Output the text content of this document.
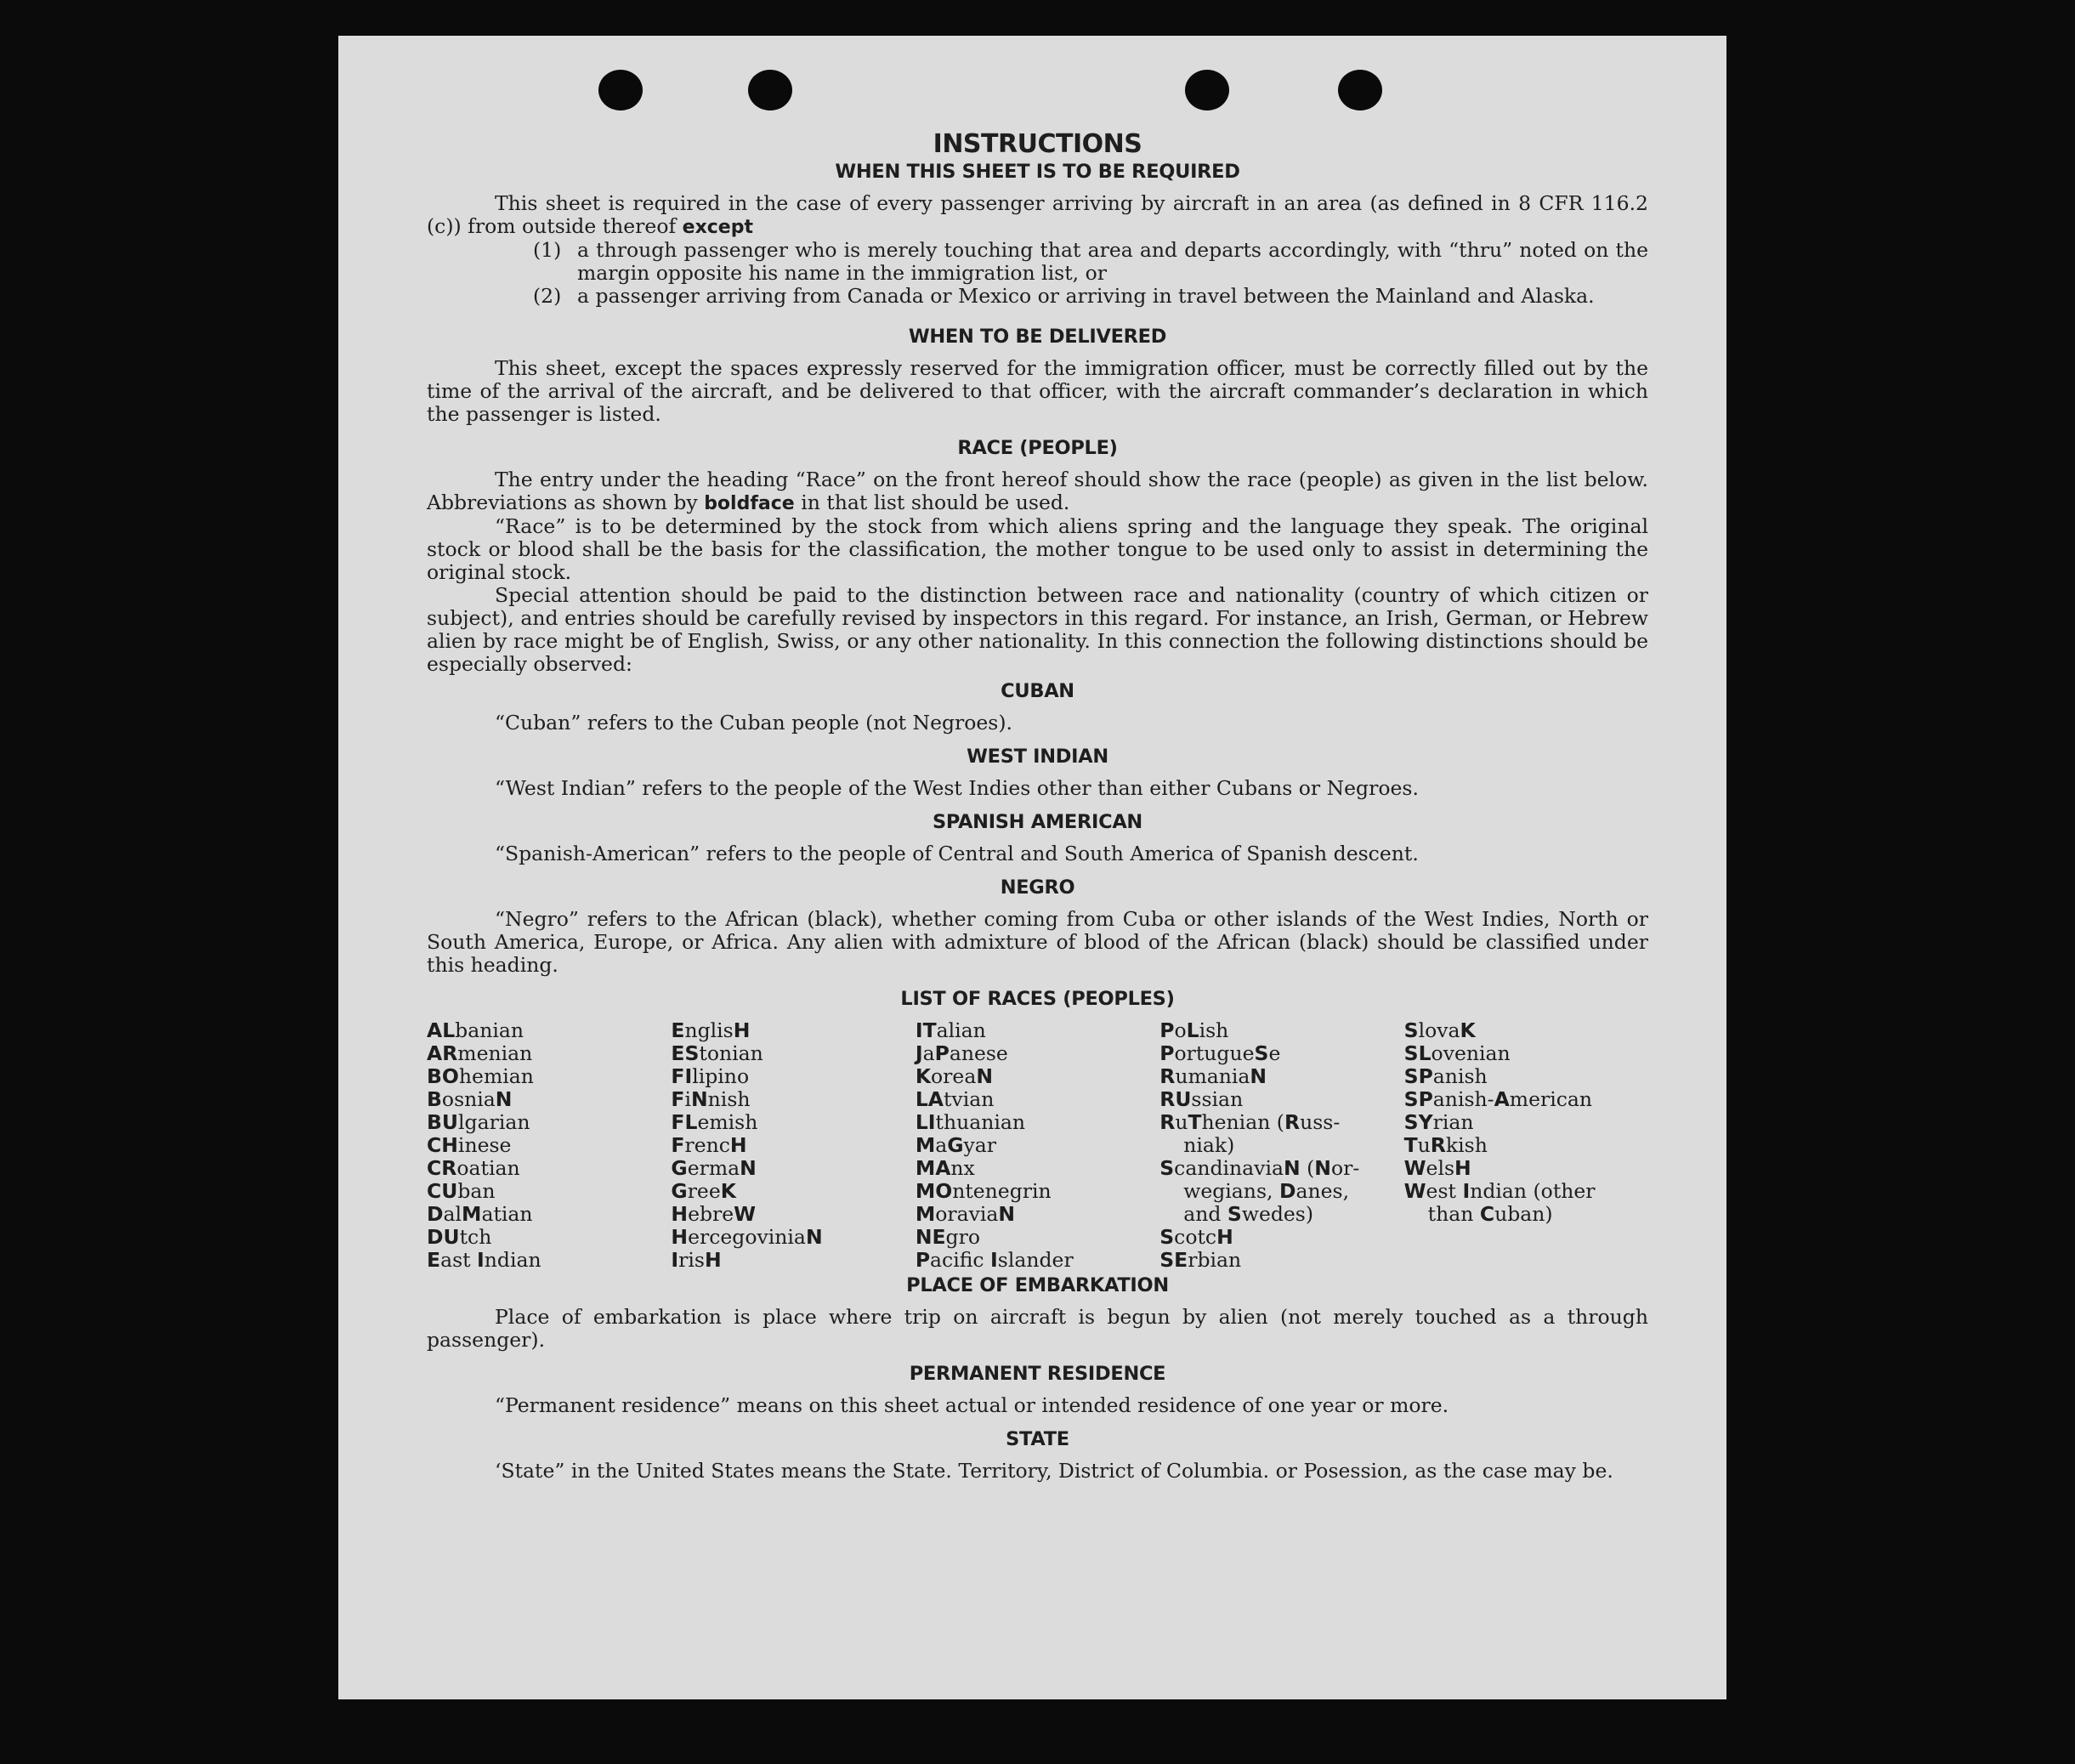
INSTRUCTIONS
WHEN THIS SHEET IS TO BE REQUIRED

This sheet is required in the case of every passenger arriving by aircraft in an area (as defined in 8 CFR 116.2 (c)) from outside thereof except

(1) a through passenger who is merely touching that area and departs accordingly, with “thru” noted on the margin opposite his name in the immigration list, or
(2) a passenger arriving from Canada or Mexico or arriving in travel between the Mainland and Alaska.
WHEN TO BE DELIVERED

This sheet, except the spaces expressly reserved for the immigration officer, must be correctly filled out by the time of the arrival of the aircraft, and be delivered to that officer, with the aircraft commander’s declaration in which the passenger is listed.

RACE (PEOPLE)

The entry under the heading “Race” on the front hereof should show the race (people) as given in the list below. Abbreviations as shown by boldface in that list should be used.

“Race” is to be determined by the stock from which aliens spring and the language they speak. The original stock or blood shall be the basis for the classification, the mother tongue to be used only to assist in determining the original stock.

Special attention should be paid to the distinction between race and nationality (country of which citizen or subject), and entries should be carefully revised by inspectors in this regard. For instance, an Irish, German, or Hebrew alien by race might be of English, Swiss, or any other nationality. In this connection the following distinctions should be especially observed:

CUBAN

“Cuban” refers to the Cuban people (not Negroes).

WEST INDIAN

“West Indian” refers to the people of the West Indies other than either Cubans or Negroes.

SPANISH AMERICAN

“Spanish-American” refers to the people of Central and South America of Spanish descent.

NEGRO

“Negro” refers to the African (black), whether coming from Cuba or other islands of the West Indies, North or South America, Europe, or Africa. Any alien with admixture of blood of the African (black) should be classified under this heading.

LIST OF RACES (PEOPLES)
ALbanian
ARmenian
BOhemian
BosniaN
BUlgarian
CHinese
CRoatian
CUban
DalMatian
DUtch
East Indian
EnglisH
EStonian
FIlipino
FiNnish
FLemish
FrencH
GermaN
GreeK
HebreW
HercegoviniaN
IrisH
ITalian
JaPanese
KoreaN
LAtvian
LIthuanian
MaGyar
MAnx
MOntenegrin
MoraviaN
NEgro
Pacific Islander
PoLish
PortugueSe
RumaniaN
RUssian
RuThenian (Russ-
niak)
ScandinaviaN (Nor-
wegians, Danes,
and Swedes)
ScotcH
SErbian
SlovaK
SLovenian
SPanish
SPanish-American
SYrian
TuRkish
WelsH
West Indian (other
than Cuban)
PLACE OF EMBARKATION

Place of embarkation is place where trip on aircraft is begun by alien (not merely touched as a through passenger).

PERMANENT RESIDENCE

“Permanent residence” means on this sheet actual or intended residence of one year or more.

STATE

‘State” in the United States means the State. Territory, District of Columbia. or Posession, as the case may be.
